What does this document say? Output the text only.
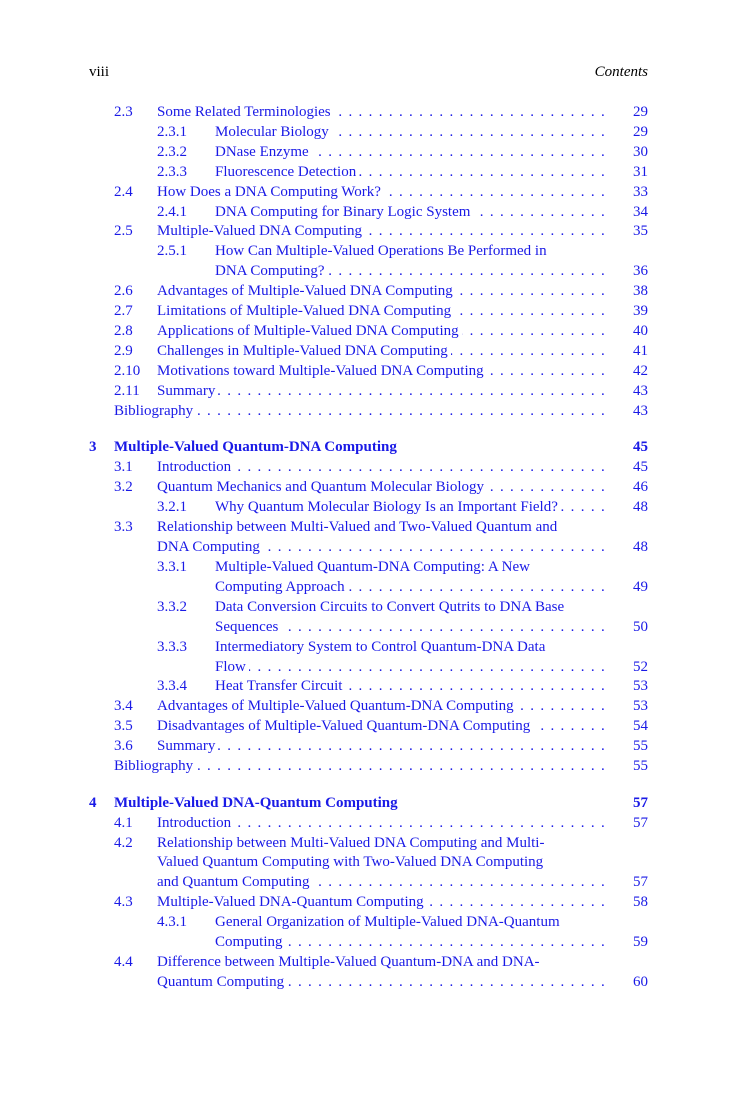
viii	Contents
2.3 Some Related Terminologies . . .	29
2.3.1 Molecular Biology . . .	29
2.3.2 DNase Enzyme . . .	30
2.3.3 Fluorescence Detection . . .	31
2.4 How Does a DNA Computing Work? . . .	33
2.4.1 DNA Computing for Binary Logic System . . .	34
2.5 Multiple-Valued DNA Computing . . .	35
2.5.1 How Can Multiple-Valued Operations Be Performed in
DNA Computing? . . .	36
2.6 Advantages of Multiple-Valued DNA Computing . . .	38
2.7 Limitations of Multiple-Valued DNA Computing . . .	39
2.8 Applications of Multiple-Valued DNA Computing . . .	40
2.9 Challenges in Multiple-Valued DNA Computing . . .	41
2.10 Motivations toward Multiple-Valued DNA Computing . . .	42
2.11 Summary . . .	43
Bibliography . . .	43
3 Multiple-Valued Quantum-DNA Computing	45
3.1 Introduction . . .	45
3.2 Quantum Mechanics and Quantum Molecular Biology . . .	46
3.2.1 Why Quantum Molecular Biology Is an Important Field? . . .	48
3.3 Relationship between Multi-Valued and Two-Valued Quantum and
DNA Computing . . .	48
3.3.1 Multiple-Valued Quantum-DNA Computing: A New
Computing Approach . . .	49
3.3.2 Data Conversion Circuits to Convert Qutrits to DNA Base
Sequences . . .	50
3.3.3 Intermediatory System to Control Quantum-DNA Data
Flow . . .	52
3.3.4 Heat Transfer Circuit . . .	53
3.4 Advantages of Multiple-Valued Quantum-DNA Computing . . .	53
3.5 Disadvantages of Multiple-Valued Quantum-DNA Computing . . .	54
3.6 Summary . . .	55
Bibliography . . .	55
4 Multiple-Valued DNA-Quantum Computing	57
4.1 Introduction . . .	57
4.2 Relationship between Multi-Valued DNA Computing and Multi-
Valued Quantum Computing with Two-Valued DNA Computing
and Quantum Computing . . .	57
4.3 Multiple-Valued DNA-Quantum Computing . . .	58
4.3.1 General Organization of Multiple-Valued DNA-Quantum
Computing . . .	59
4.4 Difference between Multiple-Valued Quantum-DNA and DNA-
Quantum Computing . . .	60
